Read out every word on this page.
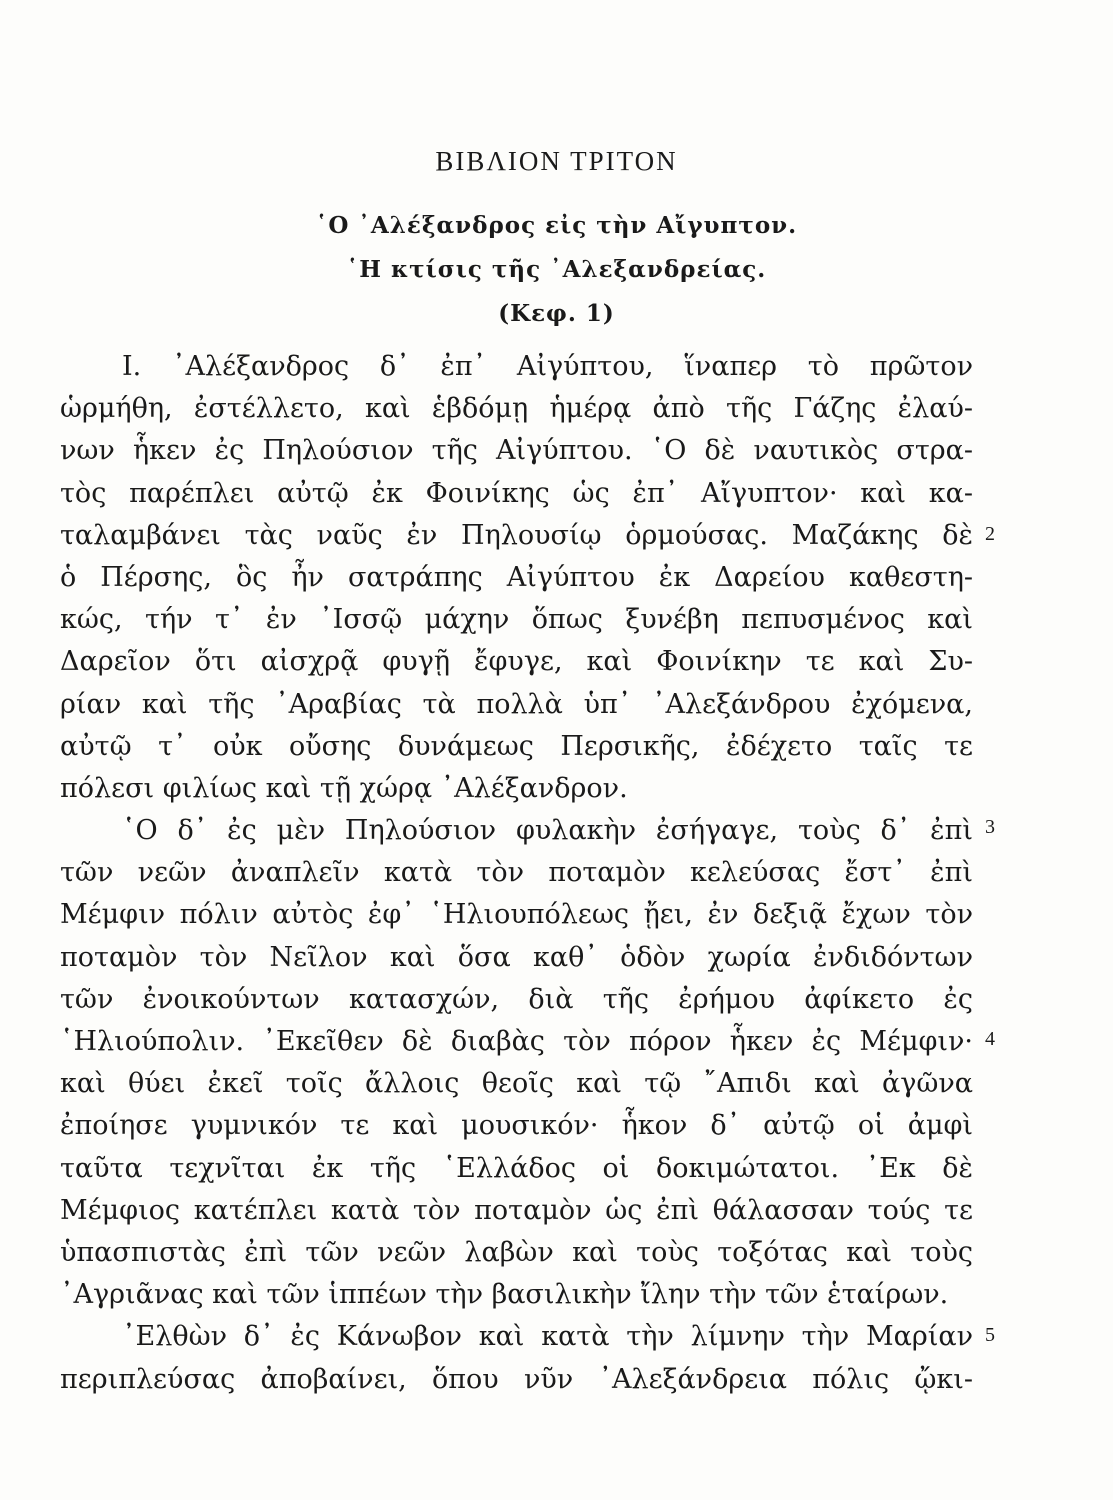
ΒΙΒΛΙΟΝ ΤΡΙΤΟΝ
῾Ο ᾿Αλέξανδρος εἰς τὴν Αἴγυπτον.
῾Η κτίσις τῆς ᾿Αλεξανδρείας.
(Κεφ. 1)
Ι. ᾿Αλέξανδρος δ᾿ ἐπ᾿ Αἰγύπτου, ἵναπερ τὸ πρῶτον
ὡρμήθη, ἐστέλλετο, καὶ ἑβδόμῃ ἡμέρᾳ ἀπὸ τῆς Γάζης ἐλαύ-
νων ἧκεν ἐς Πηλούσιον τῆς Αἰγύπτου. ῾Ο δὲ ναυτικὸς στρα-
τὸς παρέπλει αὐτῷ ἐκ Φοινίκης ὡς ἐπ᾿ Αἴγυπτον· καὶ κα-
ταλαμβάνει τὰς ναῦς ἐν Πηλουσίῳ ὁρμούσας. Μαζάκης δὲ
ὁ Πέρσης, ὃς ἦν σατράπης Αἰγύπτου ἐκ Δαρείου καθεστη-
κώς, τήν τ᾿ ἐν ᾿Ισσῷ μάχην ὅπως ξυνέβη πεπυσμένος καὶ
Δαρεῖον ὅτι αἰσχρᾷ φυγῇ ἔφυγε, καὶ Φοινίκην τε καὶ Συ-
ρίαν καὶ τῆς ᾿Αραβίας τὰ πολλὰ ὑπ᾿ ᾿Αλεξάνδρου ἐχόμενα,
αὐτῷ τ᾿ οὐκ οὔσης δυνάμεως Περσικῆς, ἐδέχετο ταῖς τε
πόλεσι φιλίως καὶ τῇ χώρᾳ ᾿Αλέξανδρον.
῾Ο δ᾿ ἐς μὲν Πηλούσιον φυλακὴν ἐσήγαγε, τοὺς δ᾿ ἐπὶ
τῶν νεῶν ἀναπλεῖν κατὰ τὸν ποταμὸν κελεύσας ἔστ᾿ ἐπὶ
Μέμφιν πόλιν αὐτὸς ἐφ᾿ ῾Ηλιουπόλεως ᾔει, ἐν δεξιᾷ ἔχων τὸν
ποταμὸν τὸν Νεῖλον καὶ ὅσα καθ᾿ ὁδὸν χωρία ἐνδιδόντων
τῶν ἐνοικούντων κατασχών, διὰ τῆς ἐρήμου ἀφίκετο ἐς
῾Ηλιούπολιν. ᾿Εκεῖθεν δὲ διαβὰς τὸν πόρον ἧκεν ἐς Μέμφιν·
καὶ θύει ἐκεῖ τοῖς ἄλλοις θεοῖς καὶ τῷ ῎Απιδι καὶ ἀγῶνα
ἐποίησε γυμνικόν τε καὶ μουσικόν· ἧκον δ᾿ αὐτῷ οἱ ἀμφὶ
ταῦτα τεχνῖται ἐκ τῆς ῾Ελλάδος οἱ δοκιμώτατοι. ᾿Εκ δὲ
Μέμφιος κατέπλει κατὰ τὸν ποταμὸν ὡς ἐπὶ θάλασσαν τούς τε
ὑπασπιστὰς ἐπὶ τῶν νεῶν λαβὼν καὶ τοὺς τοξότας καὶ τοὺς
᾿Αγριᾶνας καὶ τῶν ἱππέων τὴν βασιλικὴν ἴλην τὴν τῶν ἑταίρων.
᾿Ελθὼν δ᾿ ἐς Κάνωβον καὶ κατὰ τὴν λίμνην τὴν Μαρίαν
περιπλεύσας ἀποβαίνει, ὅπου νῦν ᾿Αλεξάνδρεια πόλις ᾤκι-
2
3
4
5
